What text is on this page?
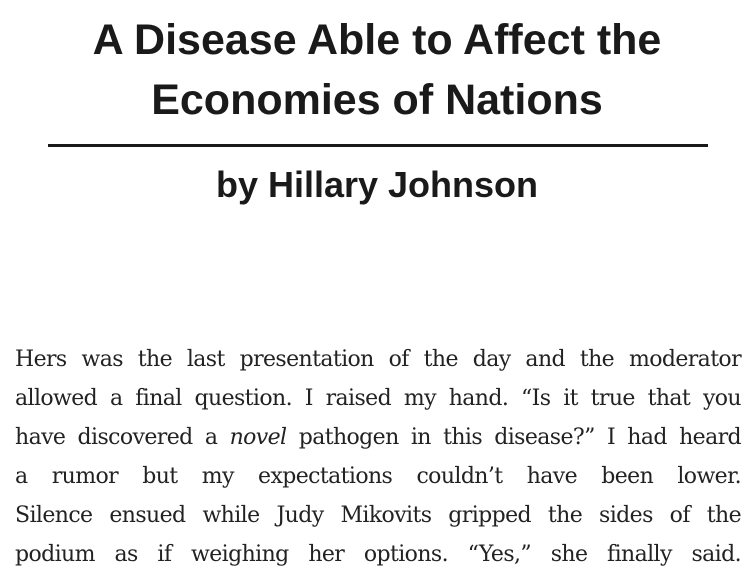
A Disease Able to Affect the
Economies of Nations

by Hillary Johnson

Hers was the last presentation of the day and the moderator
allowed a final question. I raised my hand. “Is it true that you
have discovered a novel pathogen in this disease?” I had heard
a rumor but my expectations couldn’t have been lower.
Silence ensued while Judy Mikovits gripped the sides of the
podium as if weighing her options. “Yes,” she finally said.
